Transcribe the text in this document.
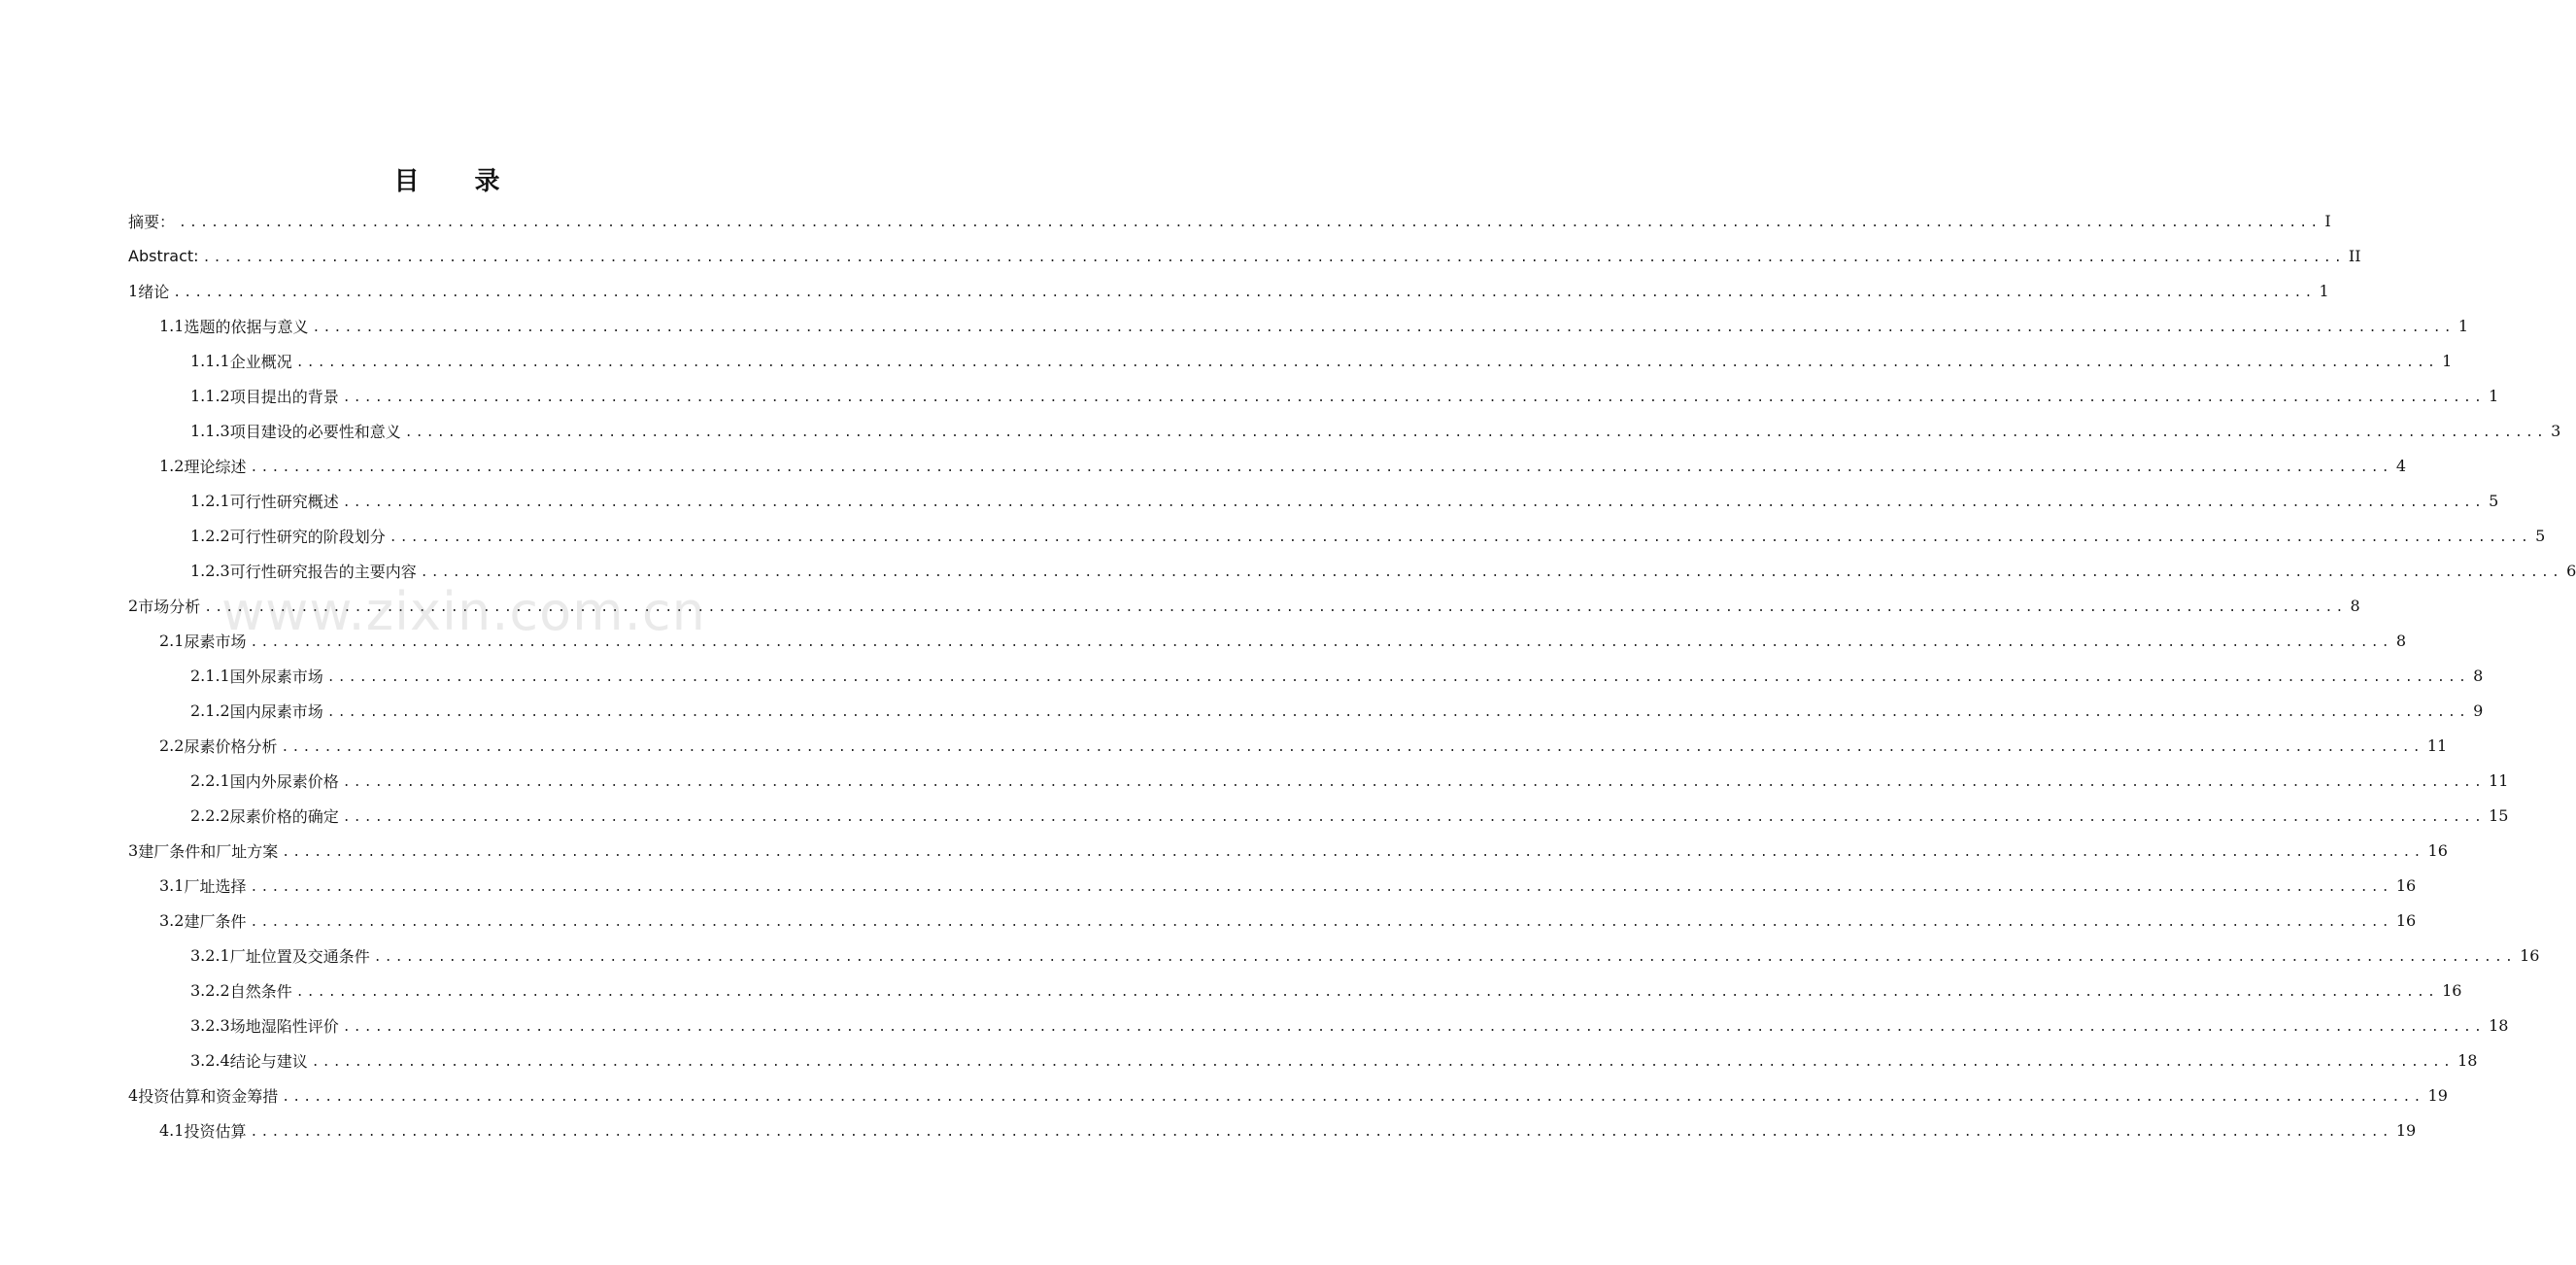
目 录
摘要： ........................................................................................................................................................................................................ I
Abstract: ........................................................................................................................................................................................................ II
1 绪论 ........................................................................................................................................................................................................ 1
1.1 选题的依据与意义 ........................................................................................................................................................................................................ 1
1.1.1 企业概况 ........................................................................................................................................................................................................ 1
1.1.2 项目提出的背景 ........................................................................................................................................................................................................ 1
1.1.3 项目建设的必要性和意义 ........................................................................................................................................................................................................ 3
1.2 理论综述 ........................................................................................................................................................................................................ 4
1.2.1 可行性研究概述 ........................................................................................................................................................................................................ 5
1.2.2 可行性研究的阶段划分 ........................................................................................................................................................................................................ 5
1.2.3 可行性研究报告的主要内容 ........................................................................................................................................................................................................ 6
2 市场分析 ........................................................................................................................................................................................................ 8
2.1 尿素市场 ........................................................................................................................................................................................................ 8
2.1.1 国外尿素市场 ........................................................................................................................................................................................................ 8
2.1.2 国内尿素市场 ........................................................................................................................................................................................................ 9
2.2 尿素价格分析 ........................................................................................................................................................................................................ 11
2.2.1 国内外尿素价格 ........................................................................................................................................................................................................ 11
2.2.2 尿素价格的确定 ........................................................................................................................................................................................................ 15
3 建厂条件和厂址方案 ........................................................................................................................................................................................................ 16
3.1 厂址选择 ........................................................................................................................................................................................................ 16
3.2 建厂条件 ........................................................................................................................................................................................................ 16
3.2.1 厂址位置及交通条件 ........................................................................................................................................................................................................ 16
3.2.2 自然条件 ........................................................................................................................................................................................................ 16
3.2.3 场地湿陷性评价 ........................................................................................................................................................................................................ 18
3.2.4 结论与建议 ........................................................................................................................................................................................................ 18
4 投资估算和资金筹措 ........................................................................................................................................................................................................ 19
4.1 投资估算 ........................................................................................................................................................................................................ 19
www.zixin.com.cn
